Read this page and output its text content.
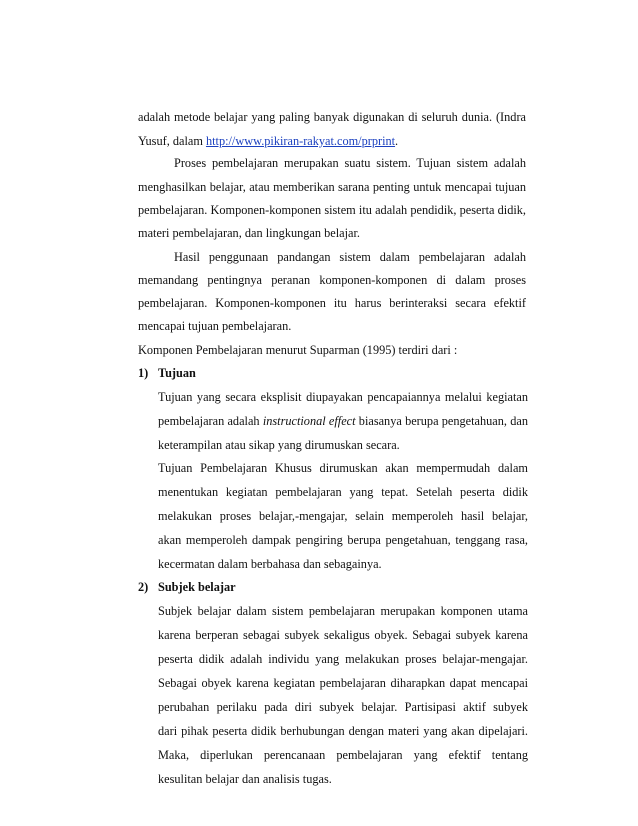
adalah metode belajar yang paling banyak digunakan di seluruh dunia. (Indra
Yusuf, dalam http://www.pikiran-rakyat.com/prprint.
Proses pembelajaran merupakan suatu sistem. Tujuan sistem adalah
menghasilkan belajar, atau memberikan sarana penting untuk mencapai tujuan
pembelajaran. Komponen-komponen sistem itu adalah pendidik, peserta didik,
materi pembelajaran, dan lingkungan belajar.
Hasil penggunaan pandangan sistem dalam pembelajaran adalah
memandang pentingnya peranan komponen-komponen di dalam proses
pembelajaran. Komponen-komponen itu harus berinteraksi secara efektif
mencapai tujuan pembelajaran.
Komponen Pembelajaran menurut Suparman (1995) terdiri dari :
1) Tujuan
Tujuan yang secara eksplisit diupayakan pencapaiannya melalui kegiatan
pembelajaran adalah instructional effect biasanya berupa pengetahuan, dan
keterampilan atau sikap yang dirumuskan secara.
Tujuan Pembelajaran Khusus dirumuskan akan mempermudah dalam
menentukan kegiatan pembelajaran yang tepat. Setelah peserta didik
melakukan proses belajar,-mengajar, selain memperoleh hasil belajar,
akan memperoleh dampak pengiring berupa pengetahuan, tenggang rasa,
kecermatan dalam berbahasa dan sebagainya.
2) Subjek belajar
Subjek belajar dalam sistem pembelajaran merupakan komponen utama
karena berperan sebagai subyek sekaligus obyek. Sebagai subyek karena
peserta didik adalah individu yang melakukan proses belajar-mengajar.
Sebagai obyek karena kegiatan pembelajaran diharapkan dapat mencapai
perubahan perilaku pada diri subyek belajar. Partisipasi aktif subyek
dari pihak peserta didik berhubungan dengan materi yang akan dipelajari.
Maka, diperlukan perencanaan pembelajaran yang efektif tentang
kesulitan belajar dan analisis tugas.
